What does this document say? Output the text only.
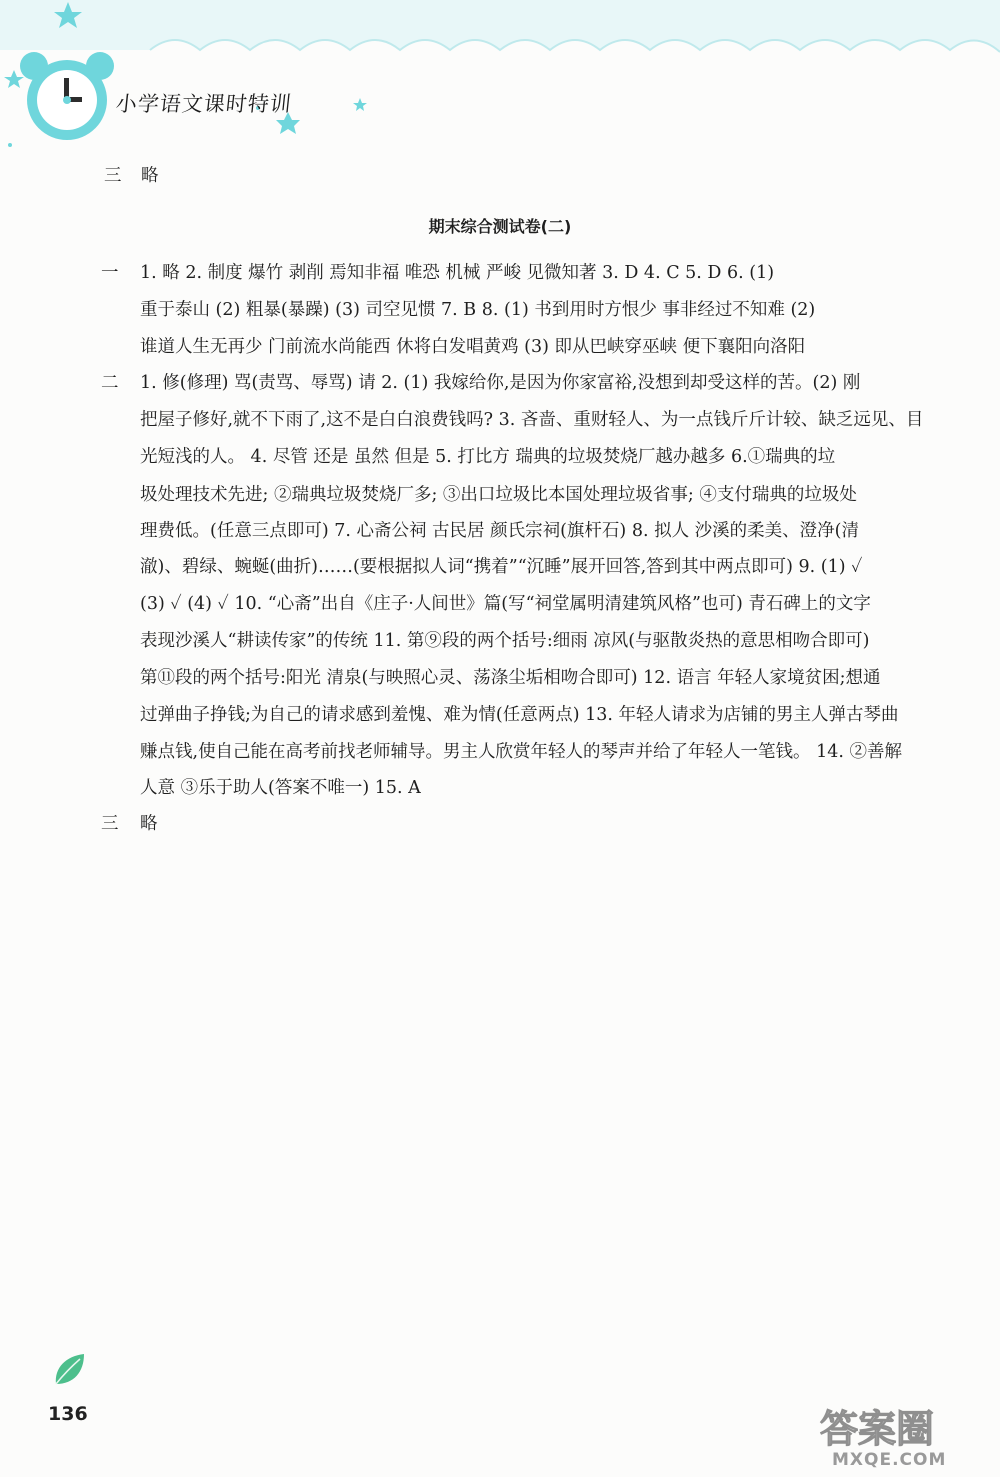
小学语文课时特训
三 略
期末综合测试卷(二)
一 1. 略 2. 制度 爆竹 剥削 焉知非福 唯恐 机械 严峻 见微知著 3. D 4. C 5. D 6. (1)
重于泰山 (2) 粗暴(暴躁) (3) 司空见惯 7. B 8. (1) 书到用时方恨少 事非经过不知难 (2)
谁道人生无再少 门前流水尚能西 休将白发唱黄鸡 (3) 即从巴峡穿巫峡 便下襄阳向洛阳
二 1. 修(修理) 骂(责骂、辱骂) 请 2. (1) 我嫁给你,是因为你家富裕,没想到却受这样的苦。(2) 刚
把屋子修好,就不下雨了,这不是白白浪费钱吗? 3. 吝啬、重财轻人、为一点钱斤斤计较、缺乏远见、目
光短浅的人。 4. 尽管 还是 虽然 但是 5. 打比方 瑞典的垃圾焚烧厂越办越多 6.①瑞典的垃
圾处理技术先进; ②瑞典垃圾焚烧厂多; ③出口垃圾比本国处理垃圾省事; ④支付瑞典的垃圾处
理费低。(任意三点即可) 7. 心斋公祠 古民居 颜氏宗祠(旗杆石) 8. 拟人 沙溪的柔美、澄净(清
澈)、碧绿、蜿蜒(曲折)……(要根据拟人词“携着”“沉睡”展开回答,答到其中两点即可) 9. (1) ✓
(3) ✓ (4) ✓ 10. “心斋”出自《庄子·人间世》篇(写“祠堂属明清建筑风格”也可) 青石碑上的文字
表现沙溪人“耕读传家”的传统 11. 第⑨段的两个括号:细雨 凉风(与驱散炎热的意思相吻合即可)
第⑪段的两个括号:阳光 清泉(与映照心灵、荡涤尘垢相吻合即可) 12. 语言 年轻人家境贫困;想通
过弹曲子挣钱;为自己的请求感到羞愧、难为情(任意两点) 13. 年轻人请求为店铺的男主人弹古琴曲
赚点钱,使自己能在高考前找老师辅导。男主人欣赏年轻人的琴声并给了年轻人一笔钱。 14. ②善解
人意 ③乐于助人(答案不唯一) 15. A
三 略
136	答案圈
MXQE.COM
